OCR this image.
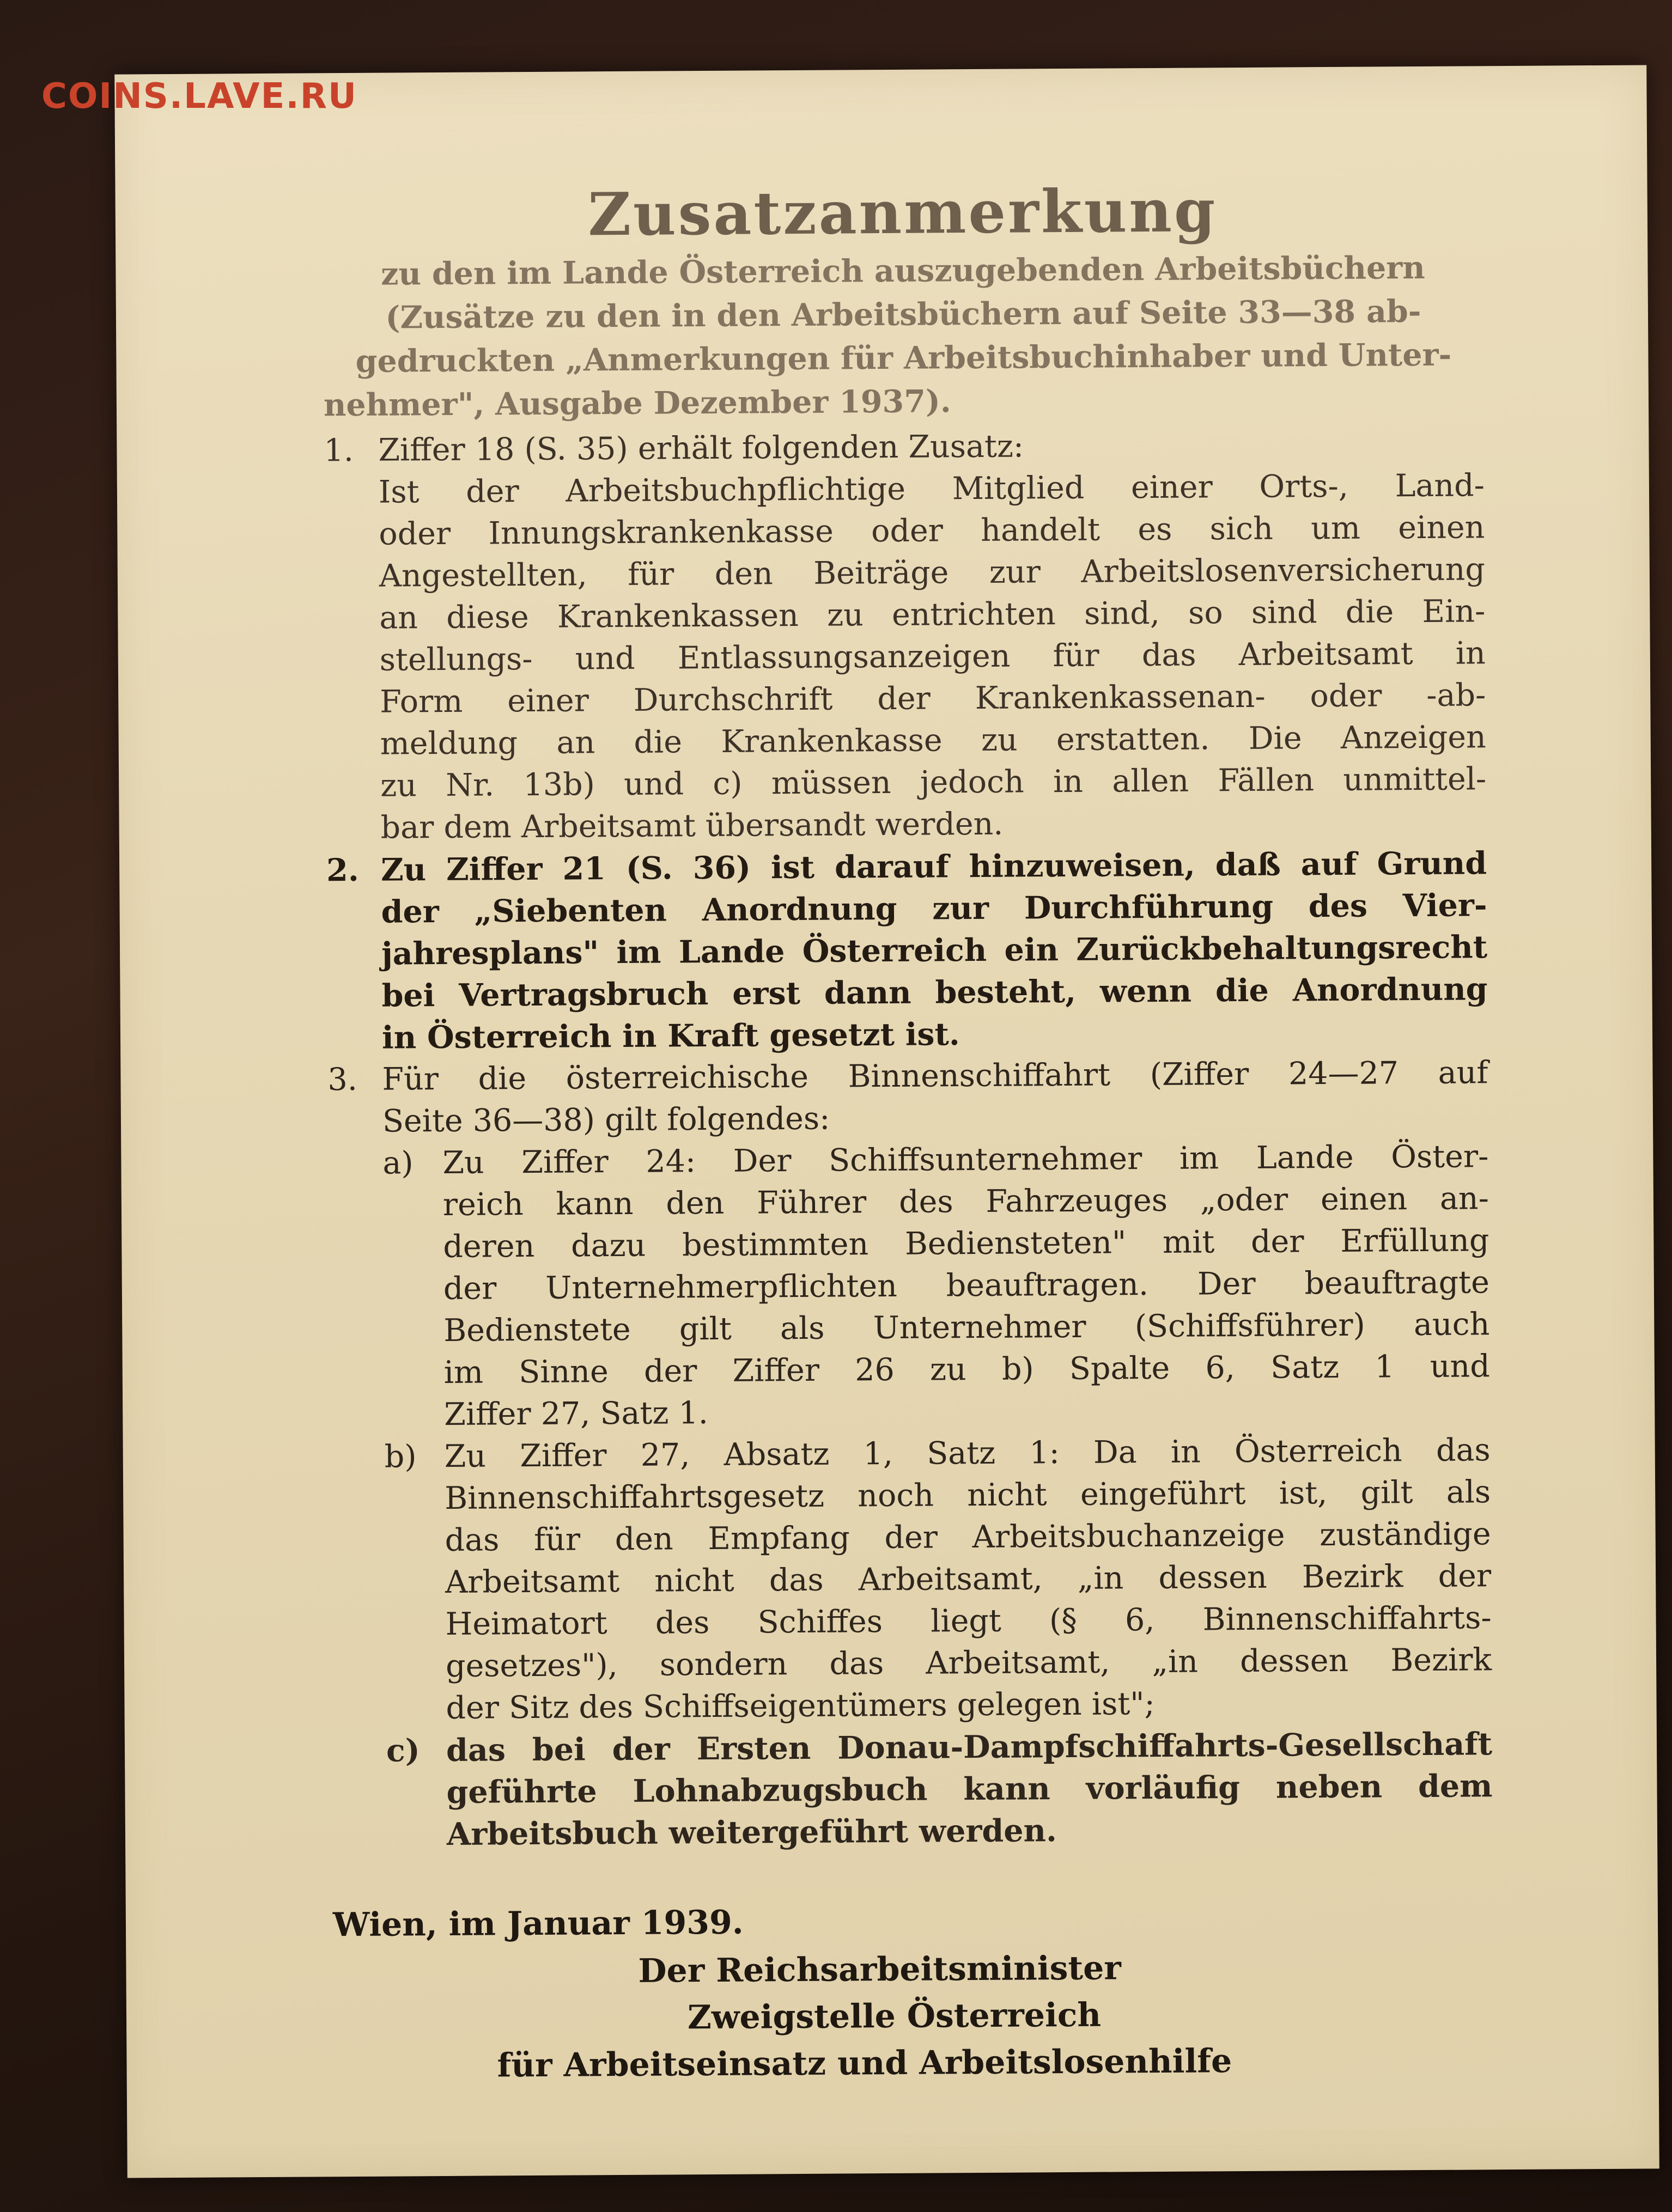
COINS.LAVE.RU
Zusatzanmerkung
zu den im Lande Österreich auszugebenden Arbeitsbüchern
(Zusätze zu den in den Arbeitsbüchern auf Seite 33—38 ab-
gedruckten „Anmerkungen für Arbeitsbuchinhaber und Unter-
nehmer", Ausgabe Dezember 1937).
1. Ziffer 18 (S. 35) erhält folgenden Zusatz:
Ist der Arbeitsbuchpflichtige Mitglied einer Orts-, Land-
oder Innungskrankenkasse oder handelt es sich um einen
Angestellten, für den Beiträge zur Arbeitslosenversicherung
an diese Krankenkassen zu entrichten sind, so sind die Ein-
stellungs- und Entlassungsanzeigen für das Arbeitsamt in
Form einer Durchschrift der Krankenkassenan- oder -ab-
meldung an die Krankenkasse zu erstatten. Die Anzeigen
zu Nr. 13b) und c) müssen jedoch in allen Fällen unmittel-
bar dem Arbeitsamt übersandt werden.
2. Zu Ziffer 21 (S. 36) ist darauf hinzuweisen, daß auf Grund
der „Siebenten Anordnung zur Durchführung des Vier-
jahresplans" im Lande Österreich ein Zurückbehaltungsrecht
bei Vertragsbruch erst dann besteht, wenn die Anordnung
in Österreich in Kraft gesetzt ist.
3. Für die österreichische Binnenschiffahrt (Ziffer 24—27 auf
Seite 36—38) gilt folgendes:
a) Zu Ziffer 24: Der Schiffsunternehmer im Lande Öster-
reich kann den Führer des Fahrzeuges „oder einen an-
deren dazu bestimmten Bediensteten" mit der Erfüllung
der Unternehmerpflichten beauftragen. Der beauftragte
Bedienstete gilt als Unternehmer (Schiffsführer) auch
im Sinne der Ziffer 26 zu b) Spalte 6, Satz 1 und
Ziffer 27, Satz 1.
b) Zu Ziffer 27, Absatz 1, Satz 1: Da in Österreich das
Binnenschiffahrtsgesetz noch nicht eingeführt ist, gilt als
das für den Empfang der Arbeitsbuchanzeige zuständige
Arbeitsamt nicht das Arbeitsamt, „in dessen Bezirk der
Heimatort des Schiffes liegt (§ 6, Binnenschiffahrts-
gesetzes"), sondern das Arbeitsamt, „in dessen Bezirk
der Sitz des Schiffseigentümers gelegen ist";
c) das bei der Ersten Donau-Dampfschiffahrts-Gesellschaft
geführte Lohnabzugsbuch kann vorläufig neben dem
Arbeitsbuch weitergeführt werden.
Wien, im Januar 1939.
Der Reichsarbeitsminister
Zweigstelle Österreich
für Arbeitseinsatz und Arbeitslosenhilfe
